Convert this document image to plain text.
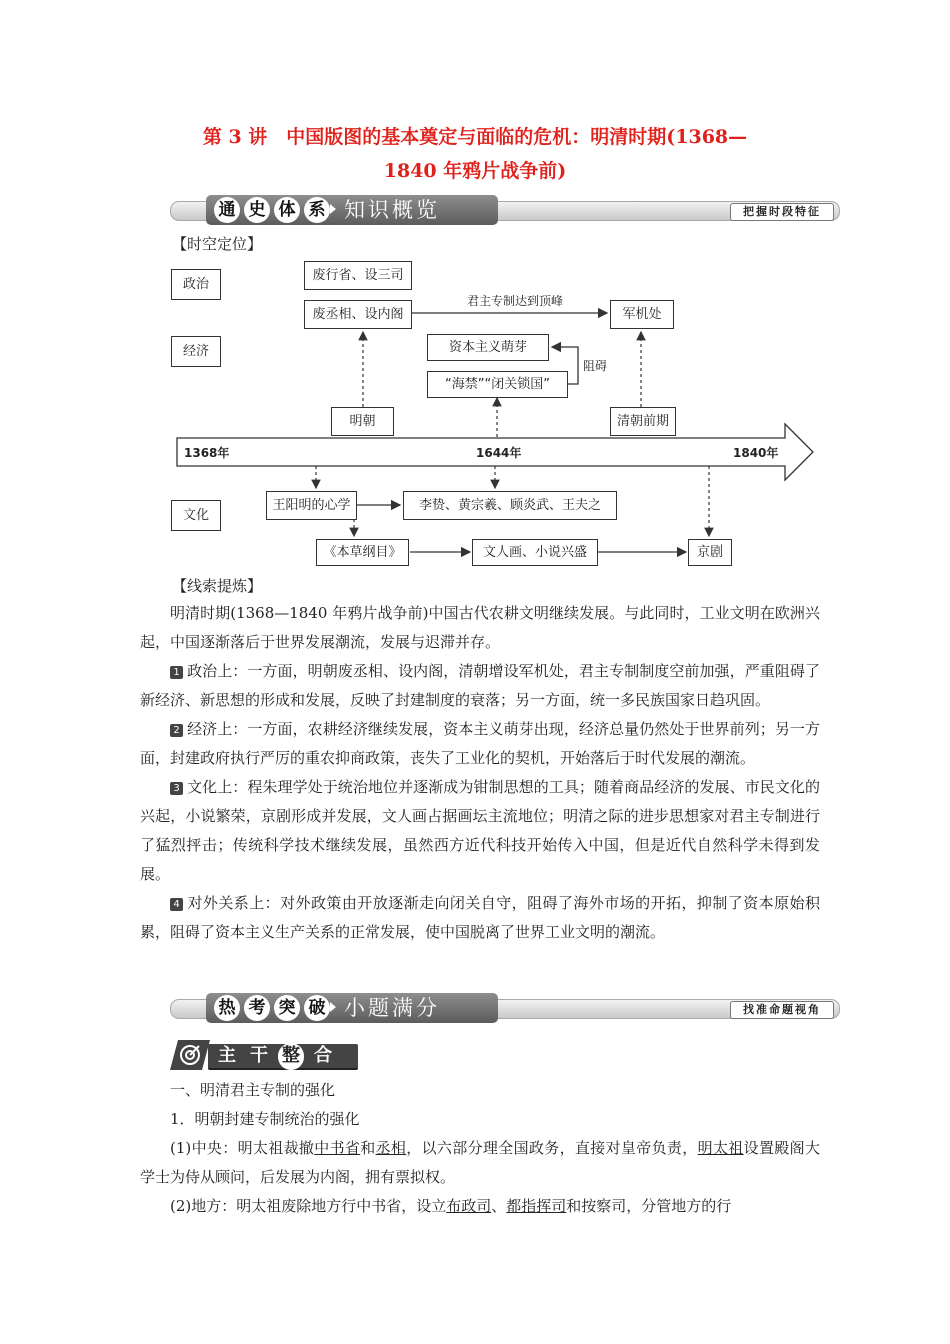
第 3 讲　中国版图的基本奠定与面临的危机：明清时期(1368—
1840 年鸦片战争前)
通 史 体 系 知识概览	把握时段特征
【时空定位】
政治
经济
文化
废行省、设三司
废丞相、设内阁
君主专制达到顶峰
军机处
资本主义萌芽
阻碍
“海禁”“闭关锁国”
明朝	清朝前期
1368年	1644年	1840年
王阳明的心学	李贽、黄宗羲、顾炎武、王夫之
《本草纲目》	文人画、小说兴盛	京剧
【线索提炼】

明清时期(1368—1840 年鸦片战争前)中国古代农耕文明继续发展。与此同时，工业文明在欧洲兴起，中国逐渐落后于世界发展潮流，发展与迟滞并存。

1 政治上：一方面，明朝废丞相、设内阁，清朝增设军机处，君主专制制度空前加强，严重阻碍了新经济、新思想的形成和发展，反映了封建制度的衰落；另一方面，统一多民族国家日趋巩固。

2 经济上：一方面，农耕经济继续发展，资本主义萌芽出现，经济总量仍然处于世界前列；另一方面，封建政府执行严厉的重农抑商政策，丧失了工业化的契机，开始落后于时代发展的潮流。

3 文化上：程朱理学处于统治地位并逐渐成为钳制思想的工具；随着商品经济的发展、市民文化的兴起，小说繁荣，京剧形成并发展，文人画占据画坛主流地位；明清之际的进步思想家对君主专制进行了猛烈抨击；传统科学技术继续发展，虽然西方近代科技开始传入中国，但是近代自然科学未得到发展。

4 对外关系上：对外政策由开放逐渐走向闭关自守，阻碍了海外市场的开拓，抑制了资本原始积累，阻碍了资本主义生产关系的正常发展，使中国脱离了世界工业文明的潮流。

热 考 突 破 小题满分	找准命题视角
主 干 整 合

一、明清君主专制的强化

1．明朝封建专制统治的强化

(1)中央：明太祖裁撤中书省和丞相，以六部分理全国政务，直接对皇帝负责，明太祖设置殿阁大学士为侍从顾问，后发展为内阁，拥有票拟权。

(2)地方：明太祖废除地方行中书省，设立布政司、都指挥司和按察司，分管地方的行
